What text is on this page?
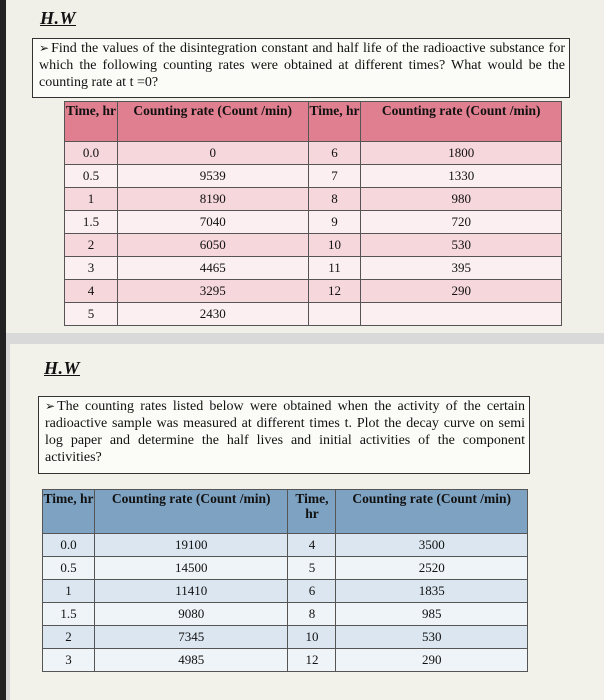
H.W
➢ Find the values of the disintegration constant and half life of the radioactive substance for which the following counting rates were obtained at different times? What would be the counting rate at t =0?
Time, hr	Counting rate (Count /min)	Time, hr	Counting rate (Count /min)
0.0	0	6	1800
0.5	9539	7	1330
1	8190	8	980
1.5	7040	9	720
2	6050	10	530
3	4465	11	395
4	3295	12	290
5	2430		
H.W
➢ The counting rates listed below were obtained when the activity of the certain radioactive sample was measured at different times t. Plot the decay curve on semi log paper and determine the half lives and initial activities of the component activities?
Time, hr	Counting rate (Count /min)	Time, hr	Counting rate (Count /min)
0.0	19100	4	3500
0.5	14500	5	2520
1	11410	6	1835
1.5	9080	8	985
2	7345	10	530
3	4985	12	290
